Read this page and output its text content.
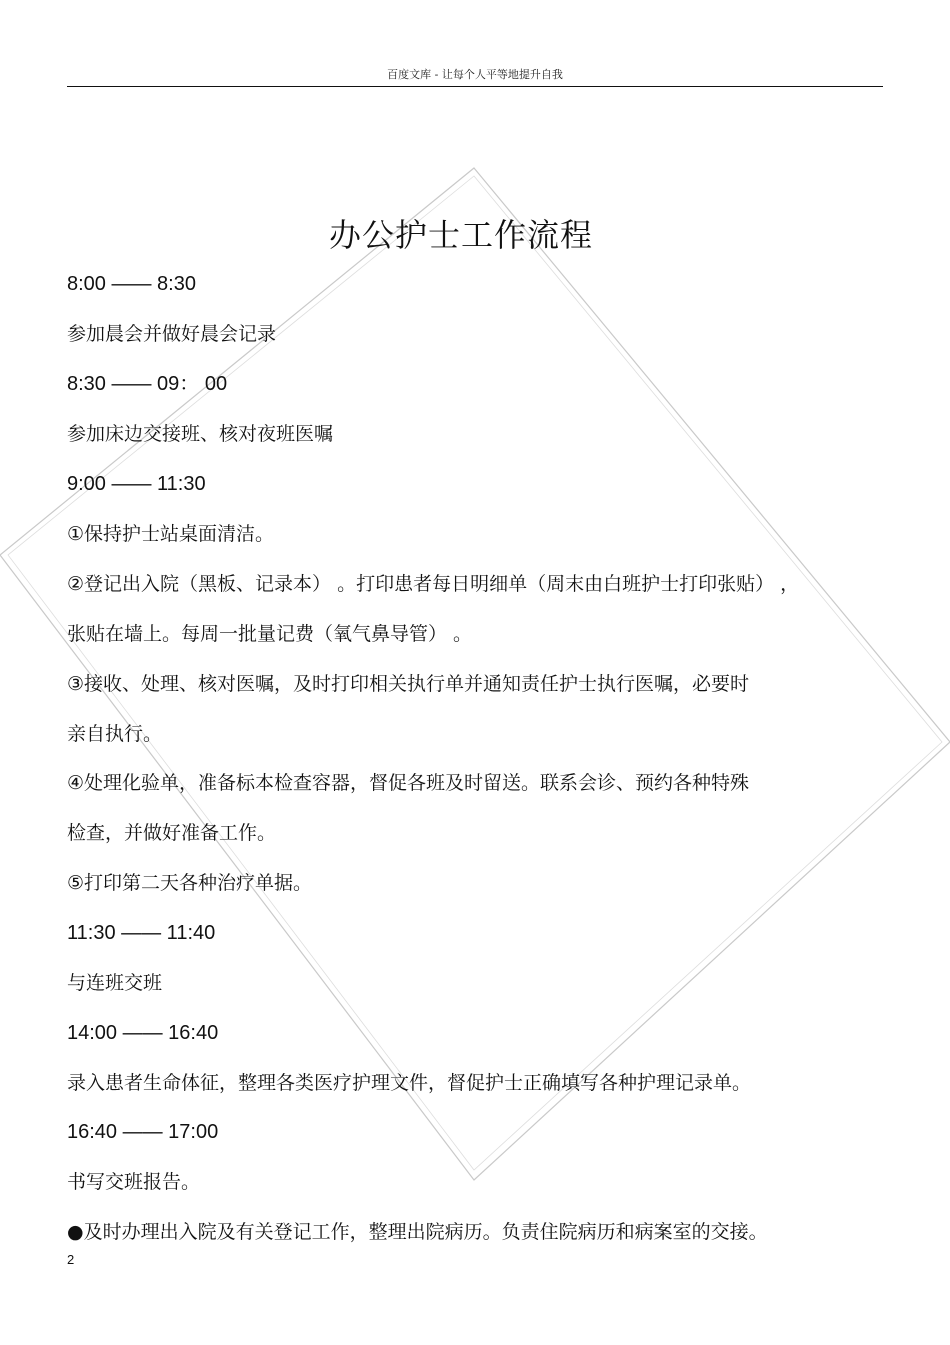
百度文库 - 让每个人平等地提升自我
办公护士工作流程
8:00 —— 8:30
参加晨会并做好晨会记录
8:30 —— 09： 00
参加床边交接班、核对夜班医嘱
9:00 —— 11:30
①保持护士站桌面清洁。
②登记出入院（黑板、记录本） 。打印患者每日明细单（周末由白班护士打印张贴） ，
张贴在墙上。每周一批量记费（氧气鼻导管） 。
③接收、处理、核对医嘱，及时打印相关执行单并通知责任护士执行医嘱，必要时
亲自执行。
④处理化验单，准备标本检查容器，督促各班及时留送。联系会诊、预约各种特殊
检查，并做好准备工作。
⑤打印第二天各种治疗单据。
11:30 —— 11:40
与连班交班
14:00 —— 16:40
录入患者生命体征，整理各类医疗护理文件，督促护士正确填写各种护理记录单。
16:40 —— 17:00
书写交班报告。
●及时办理出入院及有关登记工作，整理出院病历。负责住院病历和病案室的交接。
2
